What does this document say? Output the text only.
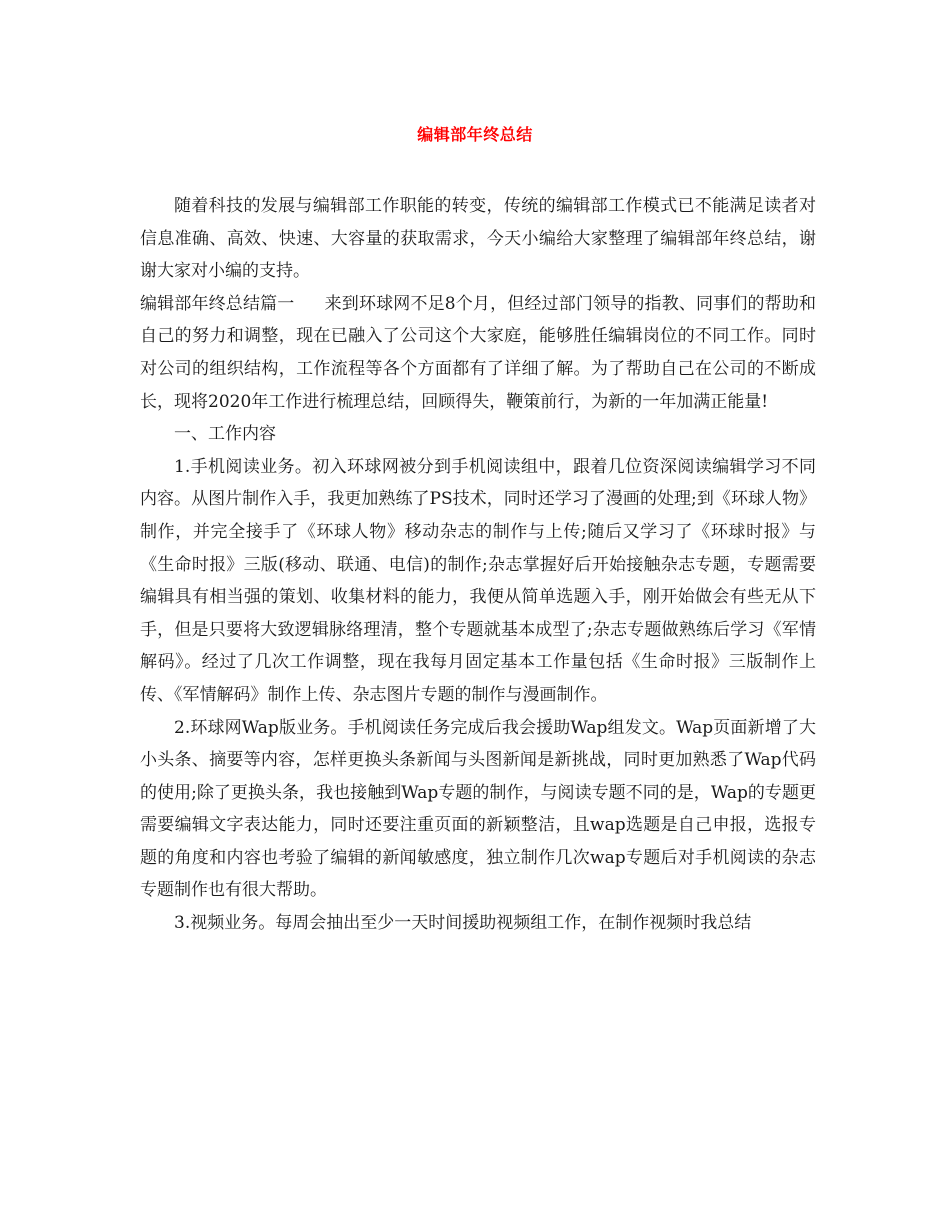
编辑部年终总结

随着科技的发展与编辑部工作职能的转变，传统的编辑部工作模式已不能满足读者对信息准确、高效、快速、大容量的获取需求，今天小编给大家整理了编辑部年终总结，谢谢大家对小编的支持。

编辑部年终总结篇一 来到环球网不足8个月，但经过部门领导的指教、同事们的帮助和自己的努力和调整，现在已融入了公司这个大家庭，能够胜任编辑岗位的不同工作。同时对公司的组织结构，工作流程等各个方面都有了详细了解。为了帮助自己在公司的不断成长，现将2020年工作进行梳理总结，回顾得失，鞭策前行，为新的一年加满正能量!

一、工作内容

1.手机阅读业务。初入环球网被分到手机阅读组中，跟着几位资深阅读编辑学习不同内容。从图片制作入手，我更加熟练了PS技术，同时还学习了漫画的处理;到《环球人物》制作，并完全接手了《环球人物》移动杂志的制作与上传;随后又学习了《环球时报》与《生命时报》三版(移动、联通、电信)的制作;杂志掌握好后开始接触杂志专题，专题需要编辑具有相当强的策划、收集材料的能力，我便从简单选题入手，刚开始做会有些无从下手，但是只要将大致逻辑脉络理清，整个专题就基本成型了;杂志专题做熟练后学习《军情解码》。经过了几次工作调整，现在我每月固定基本工作量包括《生命时报》三版制作上传、《军情解码》制作上传、杂志图片专题的制作与漫画制作。

2.环球网Wap版业务。手机阅读任务完成后我会援助Wap组发文。Wap页面新增了大小头条、摘要等内容，怎样更换头条新闻与头图新闻是新挑战，同时更加熟悉了Wap代码的使用;除了更换头条，我也接触到Wap专题的制作，与阅读专题不同的是，Wap的专题更需要编辑文字表达能力，同时还要注重页面的新颖整洁，且wap选题是自己申报，选报专题的角度和内容也考验了编辑的新闻敏感度，独立制作几次wap专题后对手机阅读的杂志专题制作也有很大帮助。

3.视频业务。每周会抽出至少一天时间援助视频组工作，在制作视频时我总结
